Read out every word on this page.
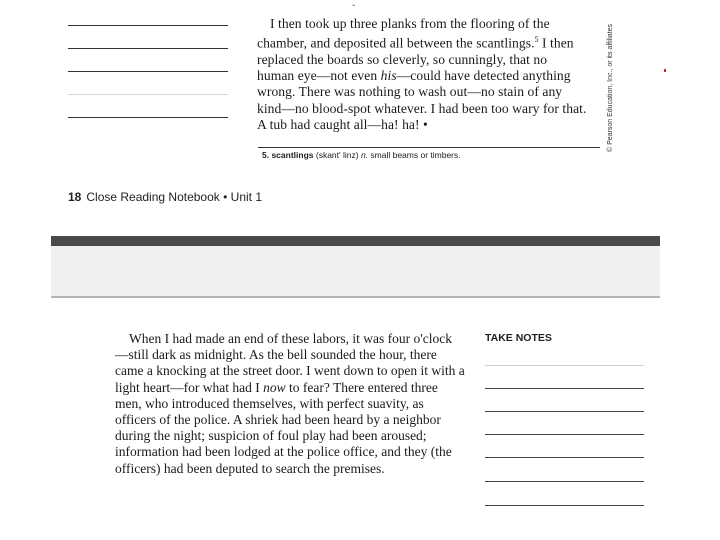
ˇ

I then took up three planks from the flooring of the chamber, and deposited all between the scantlings.$^5$ I then replaced the boards so cleverly, so cunningly, that no human eye—not even his—could have detected anything wrong. There was nothing to wash out—no stain of any kind—no blood-spot whatever. I had been too wary for that. A tub had caught all—ha! ha! •

5. scantlings (skant' linz) n. small beams or timbers.
© Pearson Education, Inc., or its affiliates
18 Close Reading Notebook • Unit 1

When I had made an end of these labors, it was four o'clock—still dark as midnight. As the bell sounded the hour, there came a knocking at the street door. I went down to open it with a light heart—for what had I now to fear? There entered three men, who introduced themselves, with perfect suavity, as officers of the police. A shriek had been heard by a neighbor during the night; suspicion of foul play had been aroused; information had been lodged at the police office, and they (the officers) had been deputed to search the premises.

TAKE NOTES
